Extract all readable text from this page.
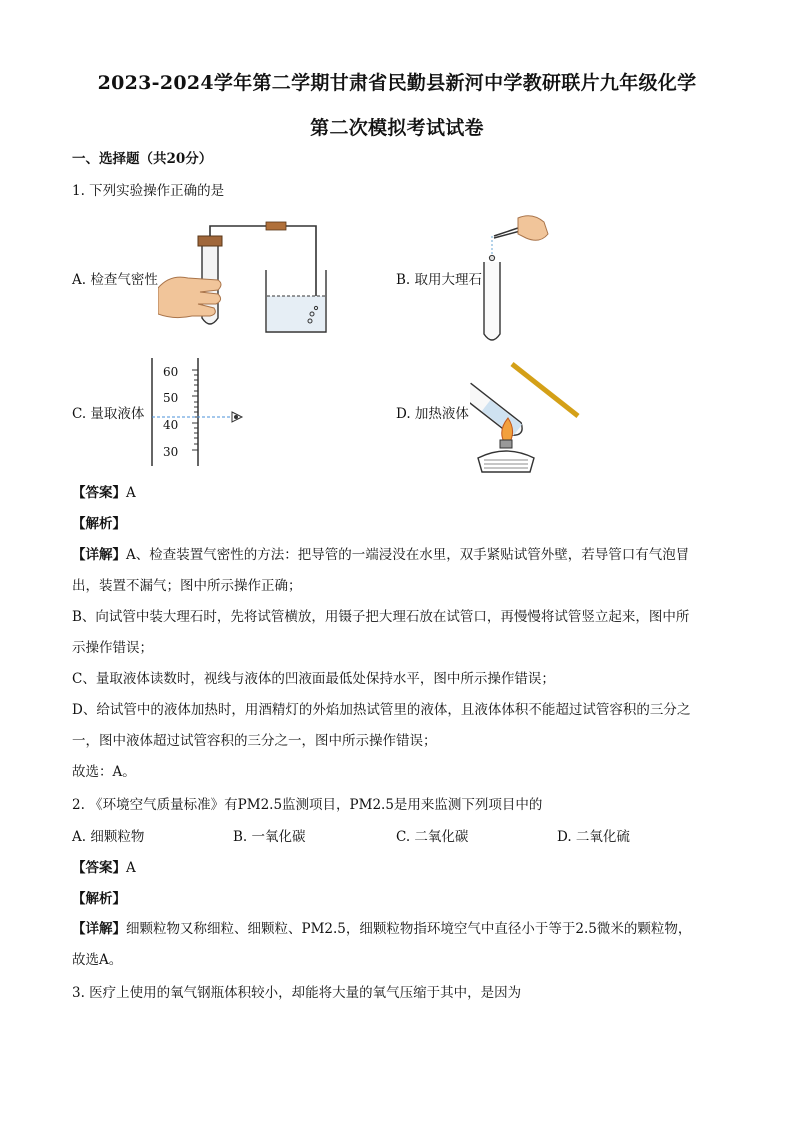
2023-2024学年第二学期甘肃省民勤县新河中学教研联片九年级化学
第二次模拟考试试卷
一、选择题（共20分）
1. 下列实验操作正确的是
A. 检查气密性	B. 取用大理石
C. 量取液体	D. 加热液体
60
50
40
30
【答案】A
【解析】
【详解】A、检查装置气密性的方法：把导管的一端浸没在水里，双手紧贴试管外壁，若导管口有气泡冒
出，装置不漏气；图中所示操作正确；
B、向试管中装大理石时，先将试管横放，用镊子把大理石放在试管口，再慢慢将试管竖立起来，图中所
示操作错误；
C、量取液体读数时，视线与液体的凹液面最低处保持水平，图中所示操作错误；
D、给试管中的液体加热时，用酒精灯的外焰加热试管里的液体，且液体体积不能超过试管容积的三分之
一，图中液体超过试管容积的三分之一，图中所示操作错误；
故选：A。
2. 《环境空气质量标准》有PM2.5监测项目，PM2.5是用来监测下列项目中的
A. 细颗粒物	B. 一氧化碳	C. 二氧化碳	D. 二氧化硫
【答案】A
【解析】
【详解】细颗粒物又称细粒、细颗粒、PM2.5，细颗粒物指环境空气中直径小于等于2.5微米的颗粒物，
故选A。
3. 医疗上使用的氧气钢瓶体积较小，却能将大量的氧气压缩于其中，是因为
